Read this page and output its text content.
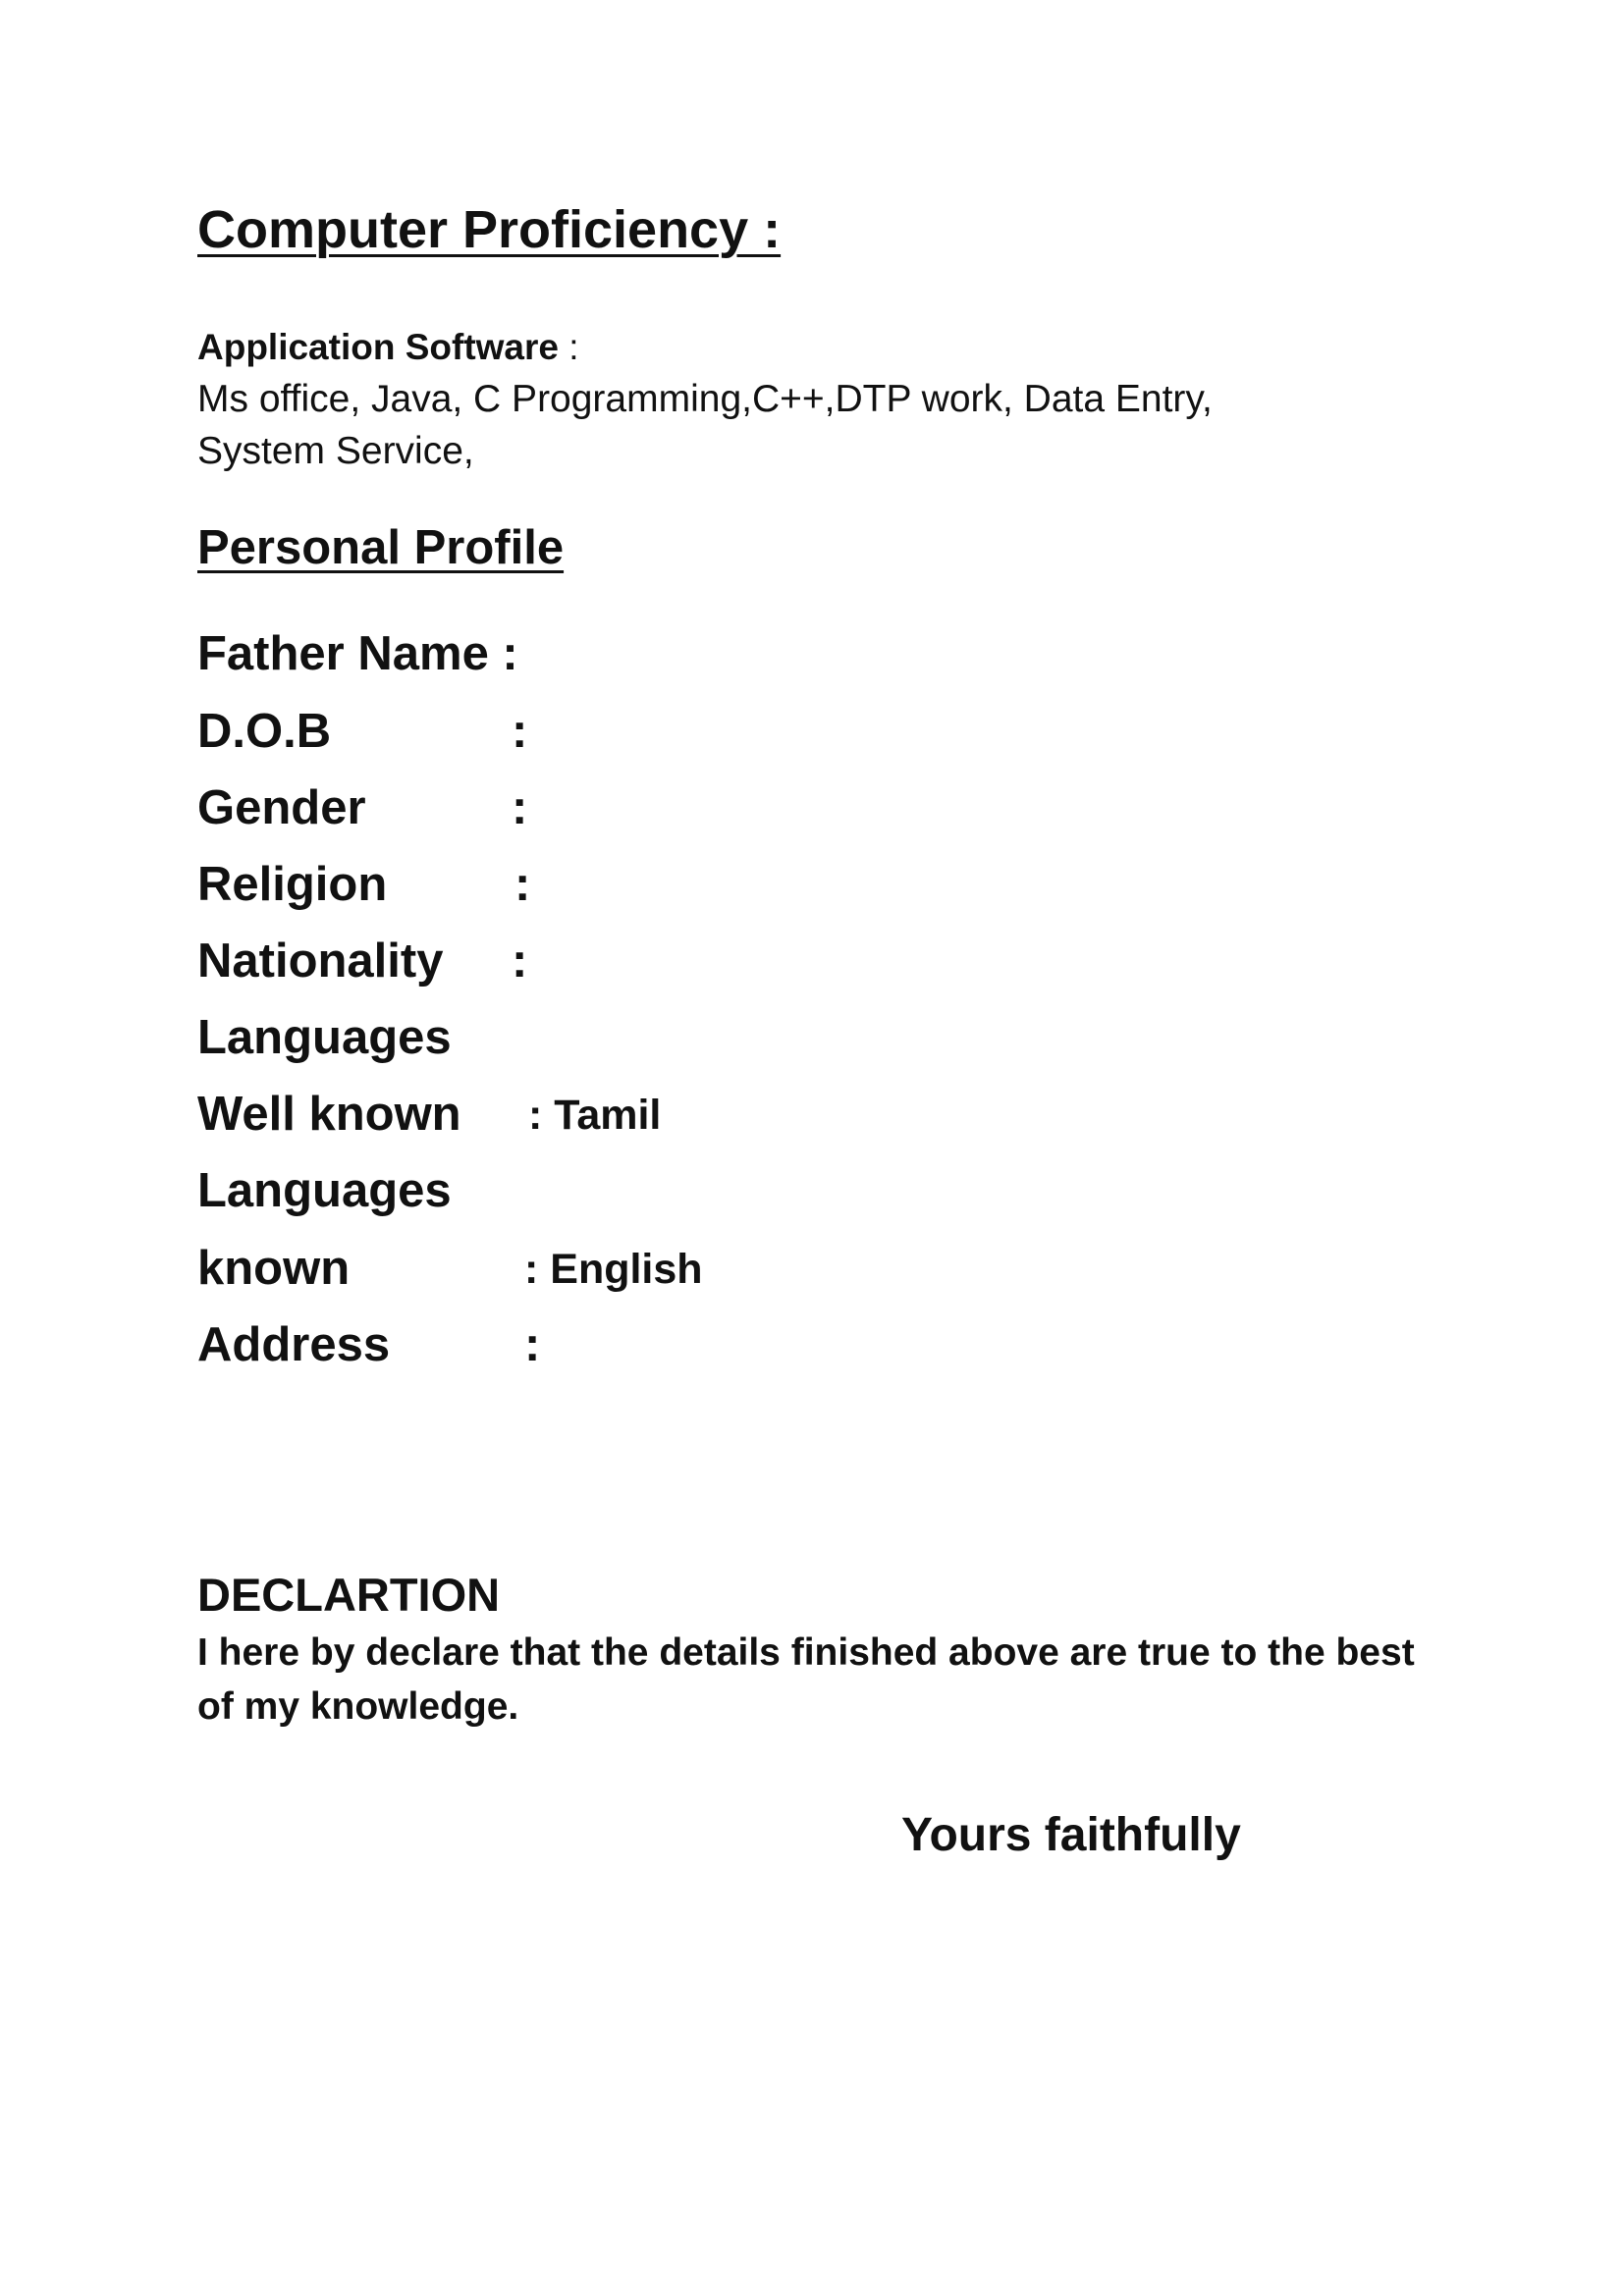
Computer Proficiency :
Application Software :
Ms office, Java, C Programming,C++,DTP work, Data Entry,
System Service,
Personal Profile
Father Name :
D.O.B	:
Gender	:
Religion	:
Nationality :
Languages
Well known : Tamil
Languages
known	: English
Address	:
DECLARTION
I here by declare that the details finished above are true to the best
of my knowledge.
Yours faithfully
